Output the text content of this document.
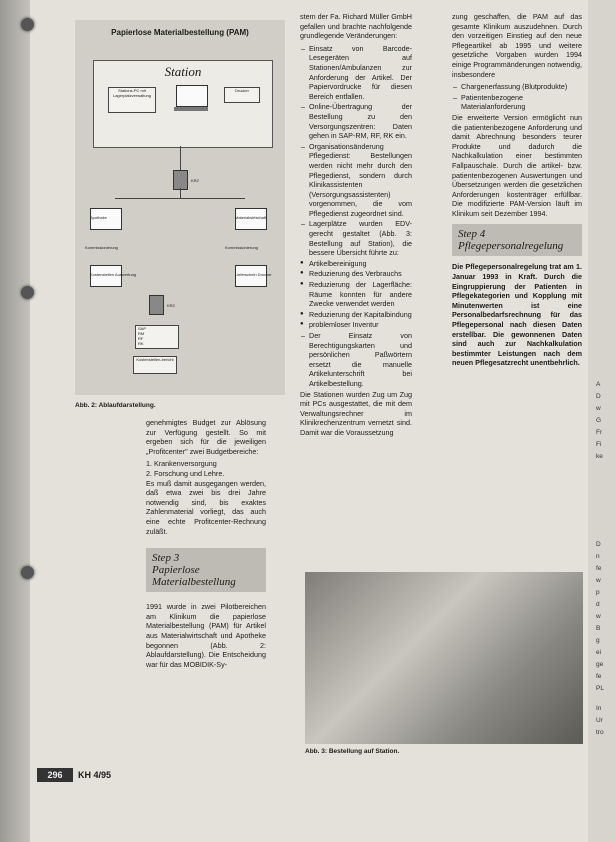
Papierlose Materialbestellung (PAM)
Station
Stations-PC mit Lagerplatzverwaltung
Drucker
KRZ
Apotheke	Materialwirtschaft
Kommissionierung	Kommissionierung
Kostenstellen Auswertung	Lieferschein Drucker
KRZ
SAP
RM
RF
RK
Kostenstellen-bericht
Abb. 2: Ablaufdarstellung.

genehmigtes Budget zur Ablösung zur Verfügung gestellt. So mit ergeben sich für die jeweiligen „Profitcenter" zwei Budgetbereiche:

1. Krankenversorgung
2. Forschung und Lehre.

Es muß damit ausgegangen werden, daß etwa zwei bis drei Jahre notwendig sind, bis exaktes Zahlenmaterial vorliegt, das auch eine echte Profitcenter-Rechnung zuläßt.

Step 3
Papierlose
Materialbestellung

1991 wurde in zwei Pilotbereichen am Klinikum die papierlose Materialbestellung (PAM) für Artikel aus Materialwirtschaft und Apotheke begonnen (Abb. 2: Ablaufdarstellung). Die Entscheidung war für das MOBIDIK-Sy-

stem der Fa. Richard Müller GmbH gefallen und brachte nachfolgende grundlegende Veränderungen:

– Einsatz von Barcode-Lesegeräten auf Stationen/Ambulanzen zur Anforderung der Artikel. Der Papiervordrucke für diesen Bereich entfallen.
– Online-Übertragung der Bestellung zu den Versorgungszentren: Daten gehen in SAP-RM, RF, RK ein.
– Organisationsänderung Pflegedienst: Bestellungen werden nicht mehr durch den Pflegedienst, sondern durch Klinikassistenten (Versorgungsassistenten) vorgenommen, die vom Pflegedienst zugeordnet sind.
– Lagerplätze wurden EDV-gerecht gestaltet (Abb. 3: Bestellung auf Station), die bessere Übersicht führte zu:
● Artikelbereinigung
● Reduzierung des Verbrauchs
● Reduzierung der Lagerfläche: Räume konnten für andere Zwecke verwendet werden
● Reduzierung der Kapitalbindung
● problemloser Inventur
– Der Einsatz von Berechtigungskarten und persönlichen Paßwörtern ersetzt die manuelle Artikelunterschrift bei Artikelbestellung.

Die Stationen wurden Zug um Zug mit PCs ausgestattet, die mit dem Verwaltungsrechner im Klinikrechenzentrum vernetzt sind. Damit war die Voraussetzung

zung geschaffen, die PAM auf das gesamte Klinikum auszudehnen. Durch den vorzeitigen Einstieg auf den neue Pflegeartikel ab 1995 und weitere gesetzliche Vorgaben wurden 1994 einige Programmänderungen notwendig, insbesondere

– Chargenerfassung (Blutprodukte)
– Patientenbezogene Materialanforderung

Die erweiterte Version ermöglicht nun die patientenbezogene Anforderung und damit Abrechnung besonders teurer Produkte und dadurch die Nachkalkulation einer bestimmten Fallpauschale. Durch die artikel- bzw. patientenbezogenen Auswertungen und Übersetzungen werden die gesetzlichen Anforderungen kostenträger erfüllbar. Die modifizierte PAM-Version läuft im Klinikum seit Dezember 1994.

Step 4
Pflegepersonalregelung

Die Pflegepersonalregelung trat am 1. Januar 1993 in Kraft. Durch die Eingruppierung der Patienten in Pflegekategorien und Kopplung mit Minutenwerten ist eine Personalbedarfsrechnung für das Pflegepersonal nach diesen Daten erstellbar. Die gewonnenen Daten sind auch zur Nachkalkulation bestimmter Leistungen nach dem neuen Pflegesatzrecht unentbehrlich.

Abb. 3: Bestellung auf Station.
296	KH 4/95
A
D
w
G
Fr
Fi
ke
D
n
fe
w
p
d
w
B
g
ei
ge
fe
PL
In
Ur
tro
